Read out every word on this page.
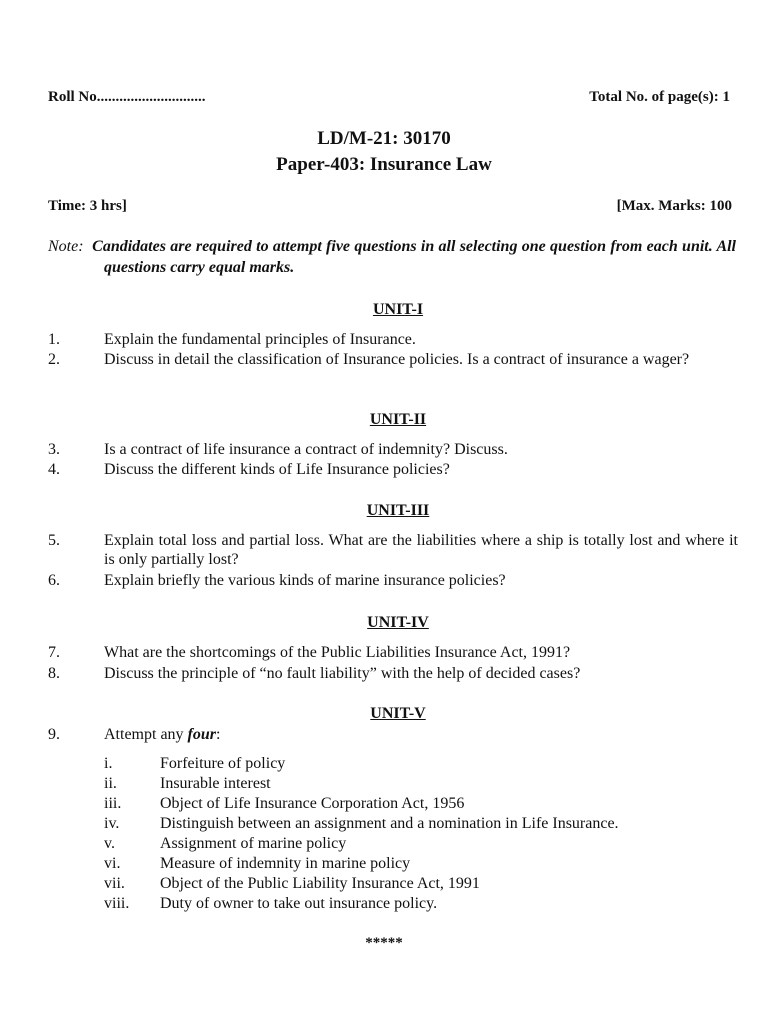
Roll No.............................	Total No. of page(s): 1
LD/M-21: 30170
Paper-403: Insurance Law
Time: 3 hrs]	[Max. Marks: 100
Note: Candidates are required to attempt five questions in all selecting one question from each unit. All questions carry equal marks.
UNIT-I
1.	Explain the fundamental principles of Insurance.
2.	Discuss in detail the classification of Insurance policies. Is a contract of insurance a wager?
UNIT-II
3.	Is a contract of life insurance a contract of indemnity? Discuss.
4.	Discuss the different kinds of Life Insurance policies?
UNIT-III
5.	Explain total loss and partial loss. What are the liabilities where a ship is totally lost and where it is only partially lost?
6.	Explain briefly the various kinds of marine insurance policies?
UNIT-IV
7.	What are the shortcomings of the Public Liabilities Insurance Act, 1991?
8.	Discuss the principle of “no fault liability” with the help of decided cases?
UNIT-V
9.	Attempt any four:
i.	Forfeiture of policy
ii.	Insurable interest
iii.	Object of Life Insurance Corporation Act, 1956
iv.	Distinguish between an assignment and a nomination in Life Insurance.
v.	Assignment of marine policy
vi.	Measure of indemnity in marine policy
vii.	Object of the Public Liability Insurance Act, 1991
viii.	Duty of owner to take out insurance policy.
*****
